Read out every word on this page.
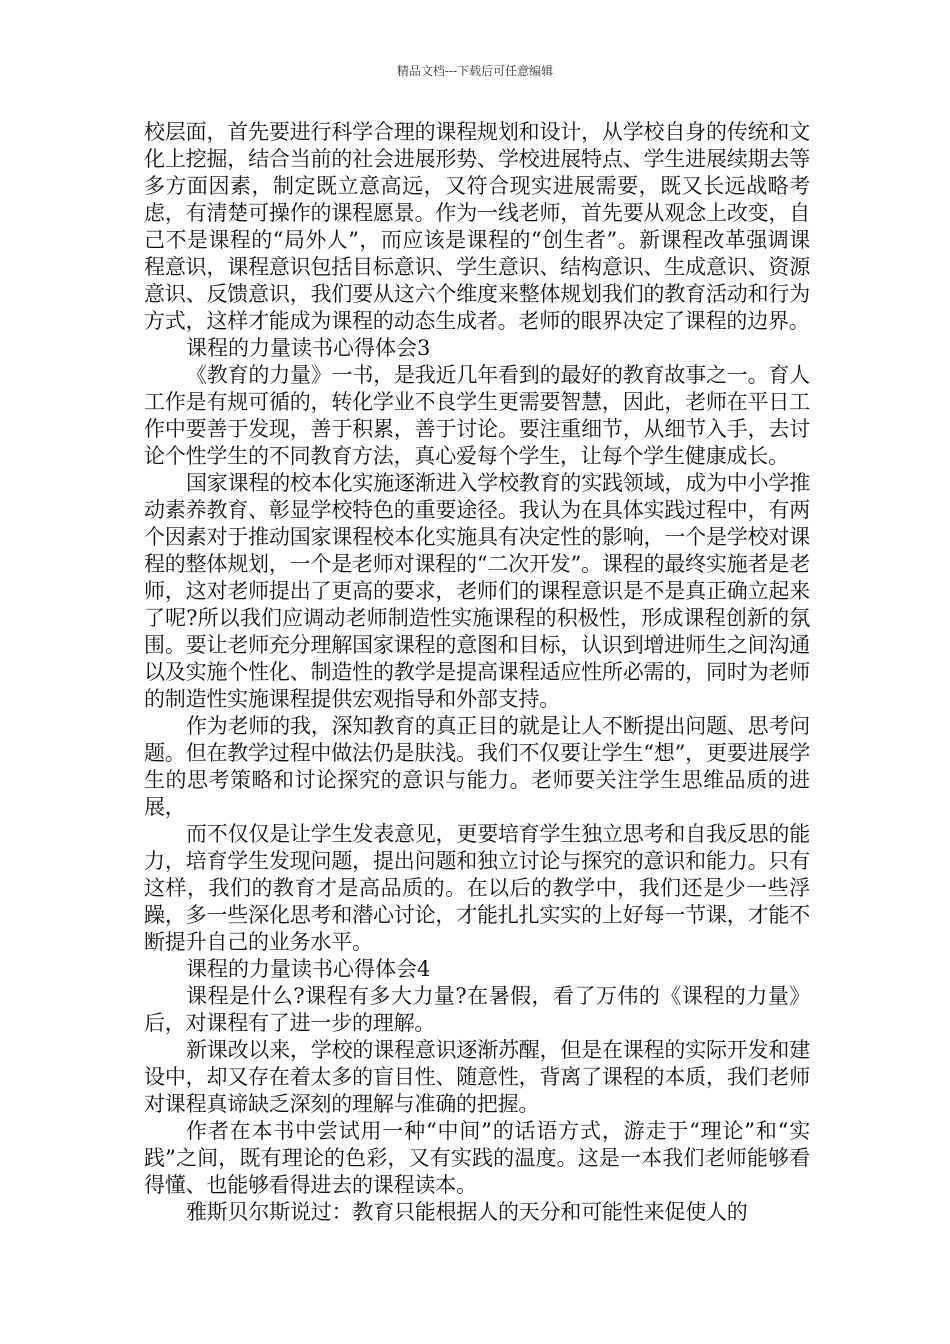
精品文档---下载后可任意编辑

校层面，首先要进行科学合理的课程规划和设计，从学校自身的传统和文化上挖掘，结合当前的社会进展形势、学校进展特点、学生进展续期去等多方面因素，制定既立意高远，又符合现实进展需要，既又长远战略考虑，有清楚可操作的课程愿景。作为一线老师，首先要从观念上改变，自己不是课程的“局外人”，而应该是课程的“创生者”。新课程改革强调课程意识，课程意识包括目标意识、学生意识、结构意识、生成意识、资源意识、反馈意识，我们要从这六个维度来整体规划我们的教育活动和行为方式，这样才能成为课程的动态生成者。老师的眼界决定了课程的边界。

课程的力量读书心得体会3

《教育的力量》一书，是我近几年看到的最好的教育故事之一。育人工作是有规可循的，转化学业不良学生更需要智慧，因此，老师在平日工作中要善于发现，善于积累，善于讨论。要注重细节，从细节入手，去讨论个性学生的不同教育方法，真心爱每个学生，让每个学生健康成长。

国家课程的校本化实施逐渐进入学校教育的实践领域，成为中小学推动素养教育、彰显学校特色的重要途径。我认为在具体实践过程中，有两个因素对于推动国家课程校本化实施具有决定性的影响，一个是学校对课程的整体规划，一个是老师对课程的“二次开发”。课程的最终实施者是老师，这对老师提出了更高的要求，老师们的课程意识是不是真正确立起来了呢?所以我们应调动老师制造性实施课程的积极性，形成课程创新的氛围。要让老师充分理解国家课程的意图和目标，认识到增进师生之间沟通以及实施个性化、制造性的教学是提高课程适应性所必需的，同时为老师的制造性实施课程提供宏观指导和外部支持。

作为老师的我，深知教育的真正目的就是让人不断提出问题、思考问题。但在教学过程中做法仍是肤浅。我们不仅要让学生“想”，更要进展学生的思考策略和讨论探究的意识与能力。老师要关注学生思维品质的进展，

而不仅仅是让学生发表意见，更要培育学生独立思考和自我反思的能力，培育学生发现问题，提出问题和独立讨论与探究的意识和能力。只有这样，我们的教育才是高品质的。在以后的教学中，我们还是少一些浮躁，多一些深化思考和潜心讨论，才能扎扎实实的上好每一节课，才能不断提升自己的业务水平。

课程的力量读书心得体会4

课程是什么?课程有多大力量?在暑假，看了万伟的《课程的力量》后，对课程有了进一步的理解。

新课改以来，学校的课程意识逐渐苏醒，但是在课程的实际开发和建设中，却又存在着太多的盲目性、随意性，背离了课程的本质，我们老师对课程真谛缺乏深刻的理解与准确的把握。

作者在本书中尝试用一种“中间”的话语方式，游走于“理论”和“实践”之间，既有理论的色彩，又有实践的温度。这是一本我们老师能够看得懂、也能够看得进去的课程读本。

雅斯贝尔斯说过：教育只能根据人的天分和可能性来促使人的
